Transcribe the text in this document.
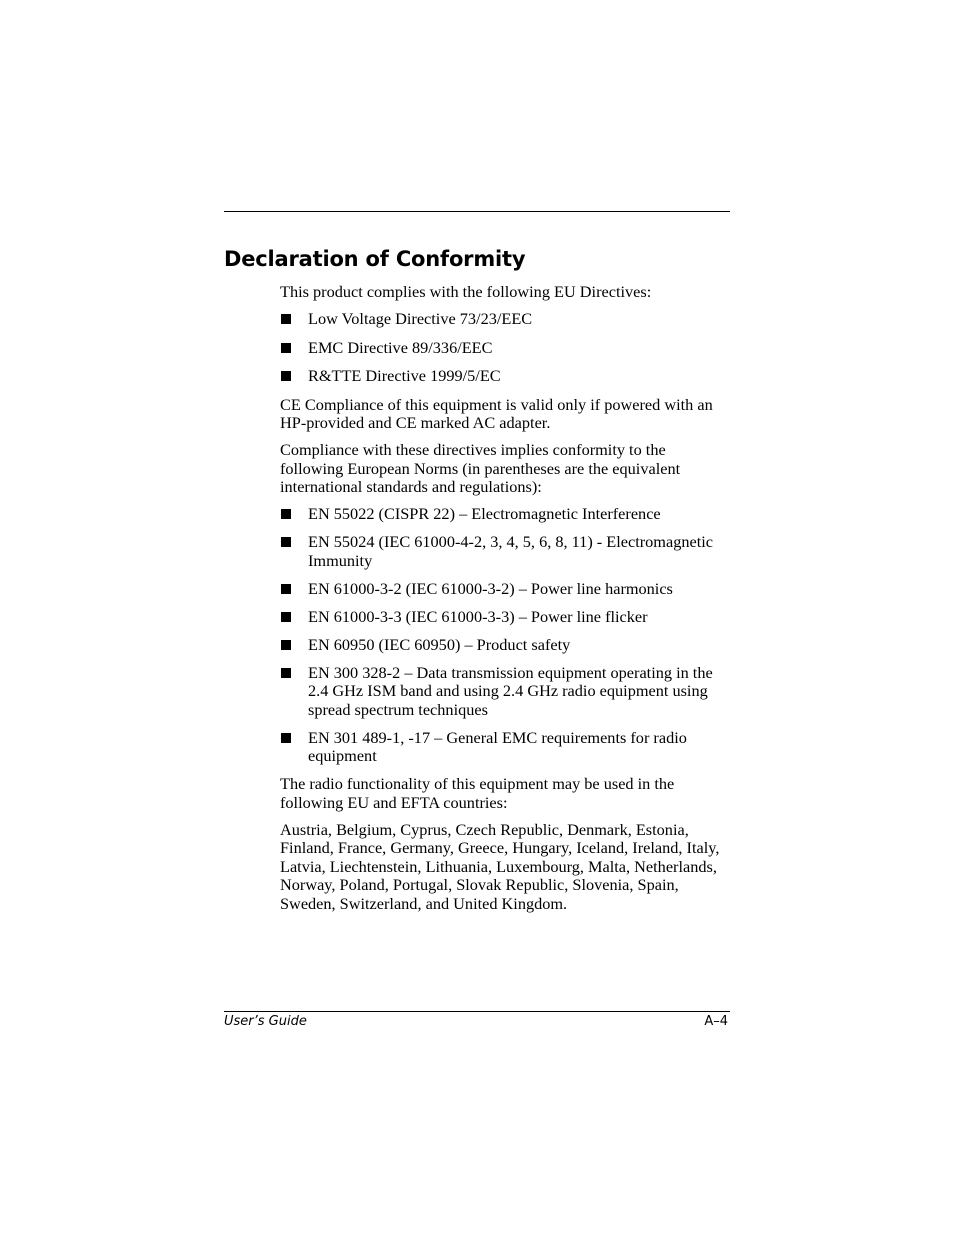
Declaration of Conformity

This product complies with the following EU Directives:

Low Voltage Directive 73/23/EEC
EMC Directive 89/336/EEC
R&TTE Directive 1999/5/EC

CE Compliance of this equipment is valid only if powered with an HP-provided and CE marked AC adapter.

Compliance with these directives implies conformity to the following European Norms (in parentheses are the equivalent international standards and regulations):

EN 55022 (CISPR 22) – Electromagnetic Interference
EN 55024 (IEC 61000-4-2, 3, 4, 5, 6, 8, 11) - Electromagnetic Immunity
EN 61000-3-2 (IEC 61000-3-2) – Power line harmonics
EN 61000-3-3 (IEC 61000-3-3) – Power line flicker
EN 60950 (IEC 60950) – Product safety
EN 300 328-2 – Data transmission equipment operating in the 2.4 GHz ISM band and using 2.4 GHz radio equipment using spread spectrum techniques
EN 301 489-1, -17 – General EMC requirements for radio equipment

The radio functionality of this equipment may be used in the following EU and EFTA countries:

Austria, Belgium, Cyprus, Czech Republic, Denmark, Estonia, Finland, France, Germany, Greece, Hungary, Iceland, Ireland, Italy, Latvia, Liechtenstein, Lithuania, Luxembourg, Malta, Netherlands, Norway, Poland, Portugal, Slovak Republic, Slovenia, Spain, Sweden, Switzerland, and United Kingdom.

User’s Guide	A–4
